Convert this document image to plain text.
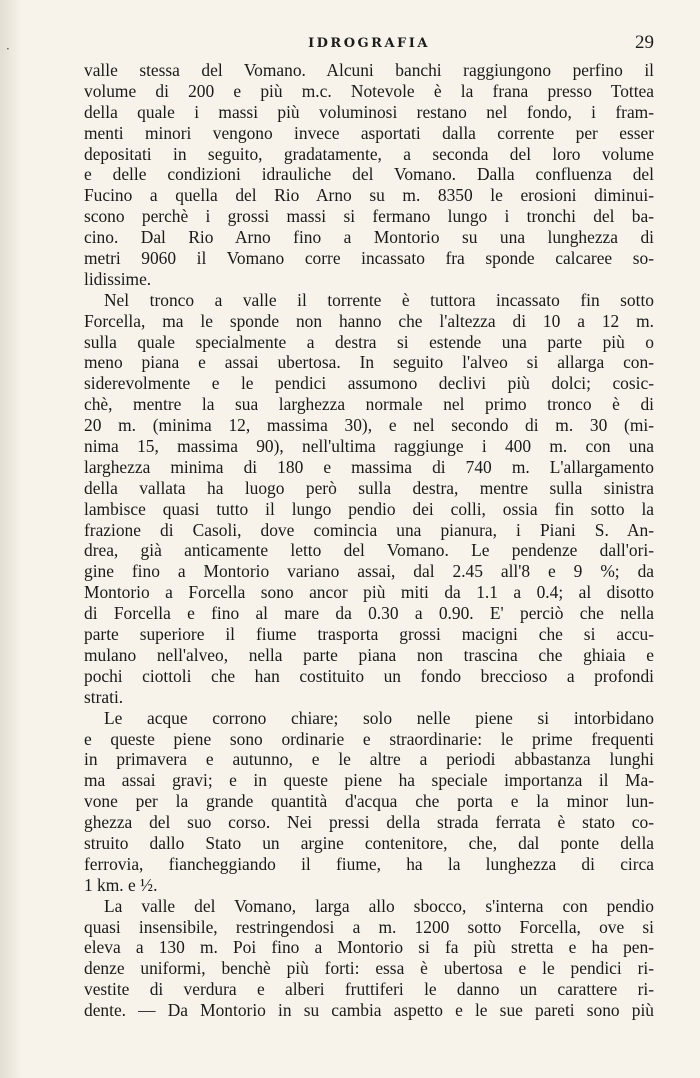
·	IDROGRAFIA	29

valle stessa del Vomano. Alcuni banchi raggiungono perfino il
volume di 200 e più m.c. Notevole è la frana presso Tottea
della quale i massi più voluminosi restano nel fondo, i fram-
menti minori vengono invece asportati dalla corrente per esser
depositati in seguito, gradatamente, a seconda del loro volume
e delle condizioni idrauliche del Vomano. Dalla confluenza del
Fucino a quella del Rio Arno su m. 8350 le erosioni diminui-
scono perchè i grossi massi si fermano lungo i tronchi del ba-
cino. Dal Rio Arno fino a Montorio su una lunghezza di
metri 9060 il Vomano corre incassato fra sponde calcaree so-
lidissime.

Nel tronco a valle il torrente è tuttora incassato fin sotto
Forcella, ma le sponde non hanno che l'altezza di 10 a 12 m.
sulla quale specialmente a destra si estende una parte più o
meno piana e assai ubertosa. In seguito l'alveo si allarga con-
siderevolmente e le pendici assumono declivi più dolci; cosic-
chè, mentre la sua larghezza normale nel primo tronco è di
20 m. (minima 12, massima 30), e nel secondo di m. 30 (mi-
nima 15, massima 90), nell'ultima raggiunge i 400 m. con una
larghezza minima di 180 e massima di 740 m. L'allargamento
della vallata ha luogo però sulla destra, mentre sulla sinistra
lambisce quasi tutto il lungo pendio dei colli, ossia fin sotto la
frazione di Casoli, dove comincia una pianura, i Piani S. An-
drea, già anticamente letto del Vomano. Le pendenze dall'ori-
gine fino a Montorio variano assai, dal 2.45 all'8 e 9 %; da
Montorio a Forcella sono ancor più miti da 1.1 a 0.4; al disotto
di Forcella e fino al mare da 0.30 a 0.90. E' perciò che nella
parte superiore il fiume trasporta grossi macigni che si accu-
mulano nell'alveo, nella parte piana non trascina che ghiaia e
pochi ciottoli che han costituito un fondo breccioso a profondi
strati.

Le acque corrono chiare; solo nelle piene si intorbidano
e queste piene sono ordinarie e straordinarie: le prime frequenti
in primavera e autunno, e le altre a periodi abbastanza lunghi
ma assai gravi; e in queste piene ha speciale importanza il Ma-
vone per la grande quantità d'acqua che porta e la minor lun-
ghezza del suo corso. Nei pressi della strada ferrata è stato co-
struito dallo Stato un argine contenitore, che, dal ponte della
ferrovia, fiancheggiando il fiume, ha la lunghezza di circa
1 km. e ½.

La valle del Vomano, larga allo sbocco, s'interna con pendio
quasi insensibile, restringendosi a m. 1200 sotto Forcella, ove si
eleva a 130 m. Poi fino a Montorio si fa più stretta e ha pen-
denze uniformi, benchè più forti: essa è ubertosa e le pendici ri-
vestite di verdura e alberi fruttiferi le danno un carattere ri-
dente. — Da Montorio in su cambia aspetto e le sue pareti sono più
